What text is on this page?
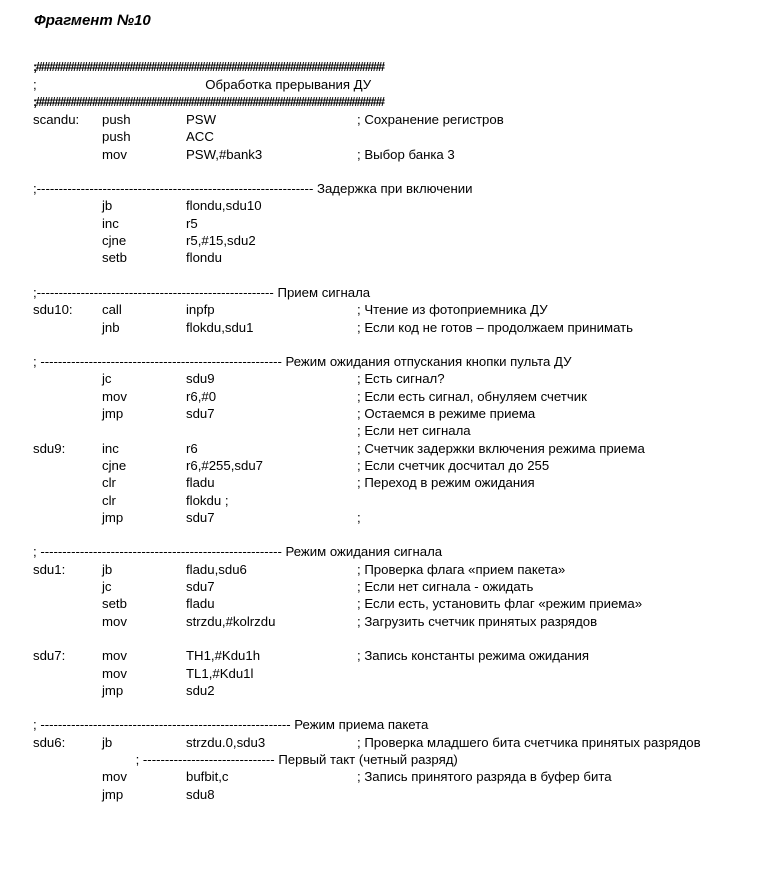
Фрагмент №10
;#################################################################
;                                              Обработка прерывания ДУ
;#################################################################
scandu: push	PSW	; Сохранение регистров
push	ACC
mov	PSW,#bank3	; Выбор банка 3
;--------------------------------------------------------------- Задержка при включении
jb	flondu,sdu10
inc	r5
cjne	r5,#15,sdu2
setb	flondu
;------------------------------------------------------ Прием сигнала
sdu10: call	inpfp	; Чтение из фотоприемника ДУ
jnb	flokdu,sdu1	; Если код не готов – продолжаем принимать
; ------------------------------------------------------- Режим ожидания отпускания кнопки пульта ДУ
jc	sdu9	; Есть сигнал?
mov	r6,#0	; Если есть сигнал, обнуляем счетчик
jmp	sdu7	; Остаемся в режиме приема
; Если нет сигнала
sdu9:	inc	r6	; Счетчик задержки включения режима приема
cjne	r6,#255,sdu7	; Если счетчик досчитал до 255
clr	fladu	; Переход в режим ожидания
clr	flokdu ;
jmp	sdu7	;
; ------------------------------------------------------- Режим ожидания сигнала
sdu1:	jb	fladu,sdu6	; Проверка флага «прием пакета»
jc	sdu7	; Если нет сигнала - ожидать
setb	fladu	; Если есть, установить флаг «режим приема»
mov	strzdu,#kolrzdu	; Загрузить счетчик принятых разрядов
sdu7:	mov	TH1,#Kdu1h	; Запись константы режима ожидания
mov	TL1,#Kdu1l
jmp	sdu2
; --------------------------------------------------------- Режим приема пакета
sdu6:	jb	strzdu.0,sdu3	; Проверка младшего бита счетчика принятых разрядов
; ------------------------------ Первый такт (четный разряд)
mov	bufbit,c	; Запись принятого разряда в буфер бита
jmp	sdu8
